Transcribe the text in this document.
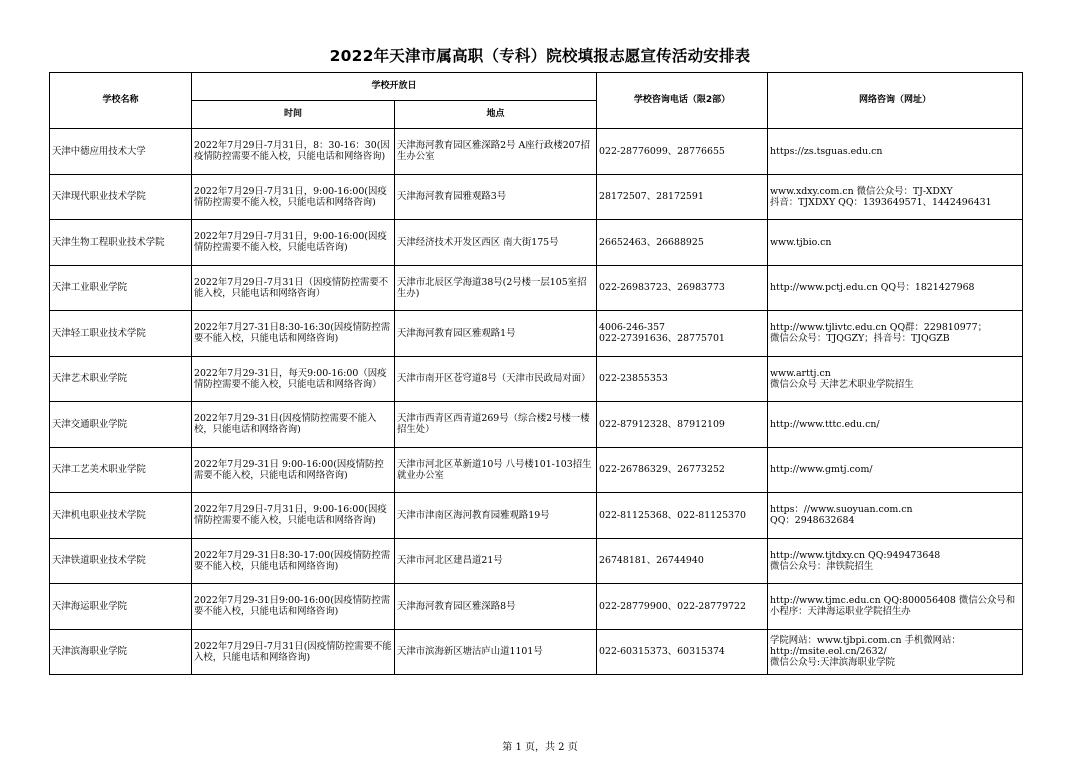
2022年天津市属高职（专科）院校填报志愿宣传活动安排表
学校名称	学校开放日		学校咨询电话（限2部）	网络咨询（网址）
	时间	地点		
天津中德应用技术大学	2022年7月29日-7月31日，8：30-16：30(因疫情防控需要不能入校，只能电话和网络咨询)	天津海河教育园区雅深路2号 A座行政楼207招生办公室	022-28776099、28776655	https://zs.tsguas.edu.cn

天津现代职业技术学院	2022年7月29日-7月31日，9:00-16:00(因疫情防控需要不能入校，只能电话和网络咨询)	天津海河教育园雅观路3号	28172507、28172591	www.xdxy.com.cn 微信公众号：TJ-XDXY
抖音：TJXDXY QQ：1393649571、1442496431

天津生物工程职业技术学院	2022年7月29日-7月31日，9:00-16:00(因疫情防控需要不能入校，只能电话咨询)	天津经济技术开发区西区 南大街175号	26652463、26688925	www.tjbio.cn

天津工业职业学院	2022年7月29日-7月31日（因疫情防控需要不能入校，只能电话和网络咨询）	天津市北辰区学海道38号(2号楼一层105室招生办)	022-26983723、26983773	http://www.pctj.edu.cn QQ号：1821427968

天津轻工职业技术学院	2022年7月27-31日8:30-16:30(因疫情防控需要不能入校，只能电话和网络咨询)	天津海河教育园区雅观路1号	4006-246-357
022-27391636、28775701	http://www.tjlivtc.edu.cn QQ群：229810977；
微信公众号：TJQGZY；抖音号：TJQGZB

天津艺术职业学院	2022年7月29-31日，每天9:00-16:00（因疫情防控需要不能入校，只能电话和网络咨询）	天津市南开区苍穹道8号（天津市民政局对面）	022-23855353	www.arttj.cn
微信公众号 天津艺术职业学院招生

天津交通职业学院	2022年7月29-31日(因疫情防控需要不能入校，只能电话和网络咨询)	天津市西青区西青道269号（综合楼2号楼一楼招生处）	022-87912328、87912109	http://www.tttc.edu.cn/

天津工艺美术职业学院	2022年7月29-31日 9:00-16:00(因疫情防控需要不能入校，只能电话和网络咨询)	天津市河北区革新道10号 八号楼101-103招生就业办公室	022-26786329、26773252	http://www.gmtj.com/

天津机电职业技术学院	2022年7月29日-7月31日，9:00-16:00(因疫情防控需要不能入校，只能电话和网络咨询)	天津市津南区海河教育园雅观路19号	022-81125368、022-81125370	https：//www.suoyuan.com.cn
QQ：2948632684

天津铁道职业技术学院	2022年7月29-31日8:30-17:00(因疫情防控需要不能入校，只能电话和网络咨询)	天津市河北区建昌道21号	26748181、26744940	http://www.tjtdxy.cn QQ:949473648
微信公众号：津铁院招生

天津海运职业学院	2022年7月29-31日9:00-16:00(因疫情防控需要不能入校，只能电话和网络咨询)	天津海河教育园区雅深路8号	022-28779900、022-28779722	http://www.tjmc.edu.cn QQ:800056408 微信公众号和小程序：天津海运职业学院招生办

天津滨海职业学院	2022年7月29日-7月31日(因疫情防控需要不能入校，只能电话和网络咨询)	天津市滨海新区塘沽庐山道1101号	022-60315373、60315374	学院网站：www.tjbpi.com.cn 手机微网站：
http://msite.eol.cn/2632/
微信公众号:天津滨海职业学院
第 1 页，共 2 页
